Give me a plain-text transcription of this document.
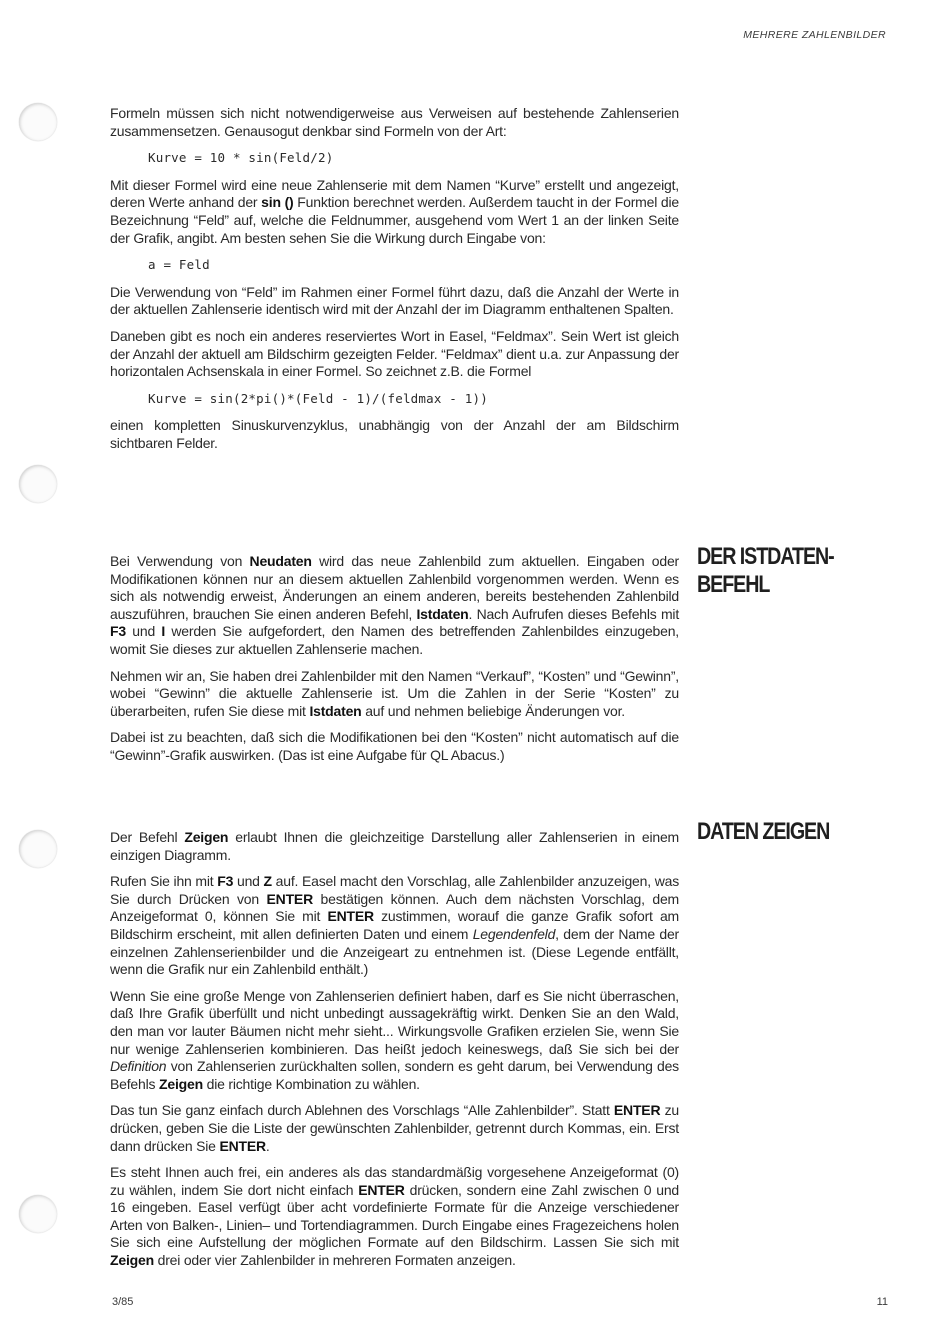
MEHRERE ZAHLENBILDER

Formeln müssen sich nicht notwendigerweise aus Verweisen auf bestehende Zahlenserien zusammensetzen. Genausogut denkbar sind Formeln von der Art:

Kurve = 10 * sin(Feld/2)

Mit dieser Formel wird eine neue Zahlenserie mit dem Namen “Kurve” erstellt und angezeigt, deren Werte anhand der sin () Funktion berechnet werden. Außerdem taucht in der Formel die Bezeichnung “Feld” auf, welche die Feldnummer, ausgehend vom Wert 1 an der linken Seite der Grafik, angibt. Am besten sehen Sie die Wirkung durch Eingabe von:

a = Feld

Die Verwendung von “Feld” im Rahmen einer Formel führt dazu, daß die Anzahl der Werte in der aktuellen Zahlenserie identisch wird mit der Anzahl der im Diagramm enthaltenen Spalten.

Daneben gibt es noch ein anderes reserviertes Wort in Easel, “Feldmax”. Sein Wert ist gleich der Anzahl der aktuell am Bildschirm gezeigten Felder. “Feldmax” dient u.a. zur Anpassung der horizontalen Achsenskala in einer Formel. So zeichnet z.B. die Formel

Kurve = sin(2*pi()*(Feld - 1)/(feldmax - 1))

einen kompletten Sinuskurvenzyklus, unabhängig von der Anzahl der am Bildschirm sichtbaren Felder.

DER ISTDATEN-
BEFEHL

Bei Verwendung von Neudaten wird das neue Zahlenbild zum aktuellen. Eingaben oder Modifikationen können nur an diesem aktuellen Zahlenbild vorgenommen werden. Wenn es sich als notwendig erweist, Änderungen an einem anderen, bereits bestehenden Zahlenbild auszuführen, brauchen Sie einen anderen Befehl, Istdaten. Nach Aufrufen dieses Befehls mit F3 und I werden Sie aufgefordert, den Namen des betreffenden Zahlenbildes einzugeben, womit Sie dieses zur aktuellen Zahlenserie machen.

Nehmen wir an, Sie haben drei Zahlenbilder mit den Namen “Verkauf”, “Kosten” und “Gewinn”, wobei “Gewinn” die aktuelle Zahlenserie ist. Um die Zahlen in der Serie “Kosten” zu überarbeiten, rufen Sie diese mit Istdaten auf und nehmen beliebige Änderungen vor.

Dabei ist zu beachten, daß sich die Modifikationen bei den “Kosten” nicht automatisch auf die “Gewinn”-Grafik auswirken. (Das ist eine Aufgabe für QL Abacus.)

DATEN ZEIGEN

Der Befehl Zeigen erlaubt Ihnen die gleichzeitige Darstellung aller Zahlenserien in einem einzigen Diagramm.

Rufen Sie ihn mit F3 und Z auf. Easel macht den Vorschlag, alle Zahlenbilder anzuzeigen, was Sie durch Drücken von ENTER bestätigen können. Auch dem nächsten Vorschlag, dem Anzeigeformat 0, können Sie mit ENTER zustimmen, worauf die ganze Grafik sofort am Bildschirm erscheint, mit allen definierten Daten und einem Legendenfeld, dem der Name der einzelnen Zahlenserienbilder und die Anzeigeart zu entnehmen ist. (Diese Legende entfällt, wenn die Grafik nur ein Zahlenbild enthält.)

Wenn Sie eine große Menge von Zahlenserien definiert haben, darf es Sie nicht überraschen, daß Ihre Grafik überfüllt und nicht unbedingt aussagekräftig wirkt. Denken Sie an den Wald, den man vor lauter Bäumen nicht mehr sieht... Wirkungsvolle Grafiken erzielen Sie, wenn Sie nur wenige Zahlenserien kombinieren. Das heißt jedoch keineswegs, daß Sie sich bei der Definition von Zahlenserien zurückhalten sollen, sondern es geht darum, bei Verwendung des Befehls Zeigen die richtige Kombination zu wählen.

Das tun Sie ganz einfach durch Ablehnen des Vorschlags “Alle Zahlenbilder”. Statt ENTER zu drücken, geben Sie die Liste der gewünschten Zahlenbilder, getrennt durch Kommas, ein. Erst dann drücken Sie ENTER.

Es steht Ihnen auch frei, ein anderes als das standardmäßig vorgesehene Anzeigeformat (0) zu wählen, indem Sie dort nicht einfach ENTER drücken, sondern eine Zahl zwischen 0 und 16 eingeben. Easel verfügt über acht vordefinierte Formate für die Anzeige verschiedener Arten von Balken-, Linien– und Tortendiagrammen. Durch Eingabe eines Fragezeichens holen Sie sich eine Aufstellung der möglichen Formate auf den Bildschirm. Lassen Sie sich mit Zeigen drei oder vier Zahlenbilder in mehreren Formaten anzeigen.

3/85	11
